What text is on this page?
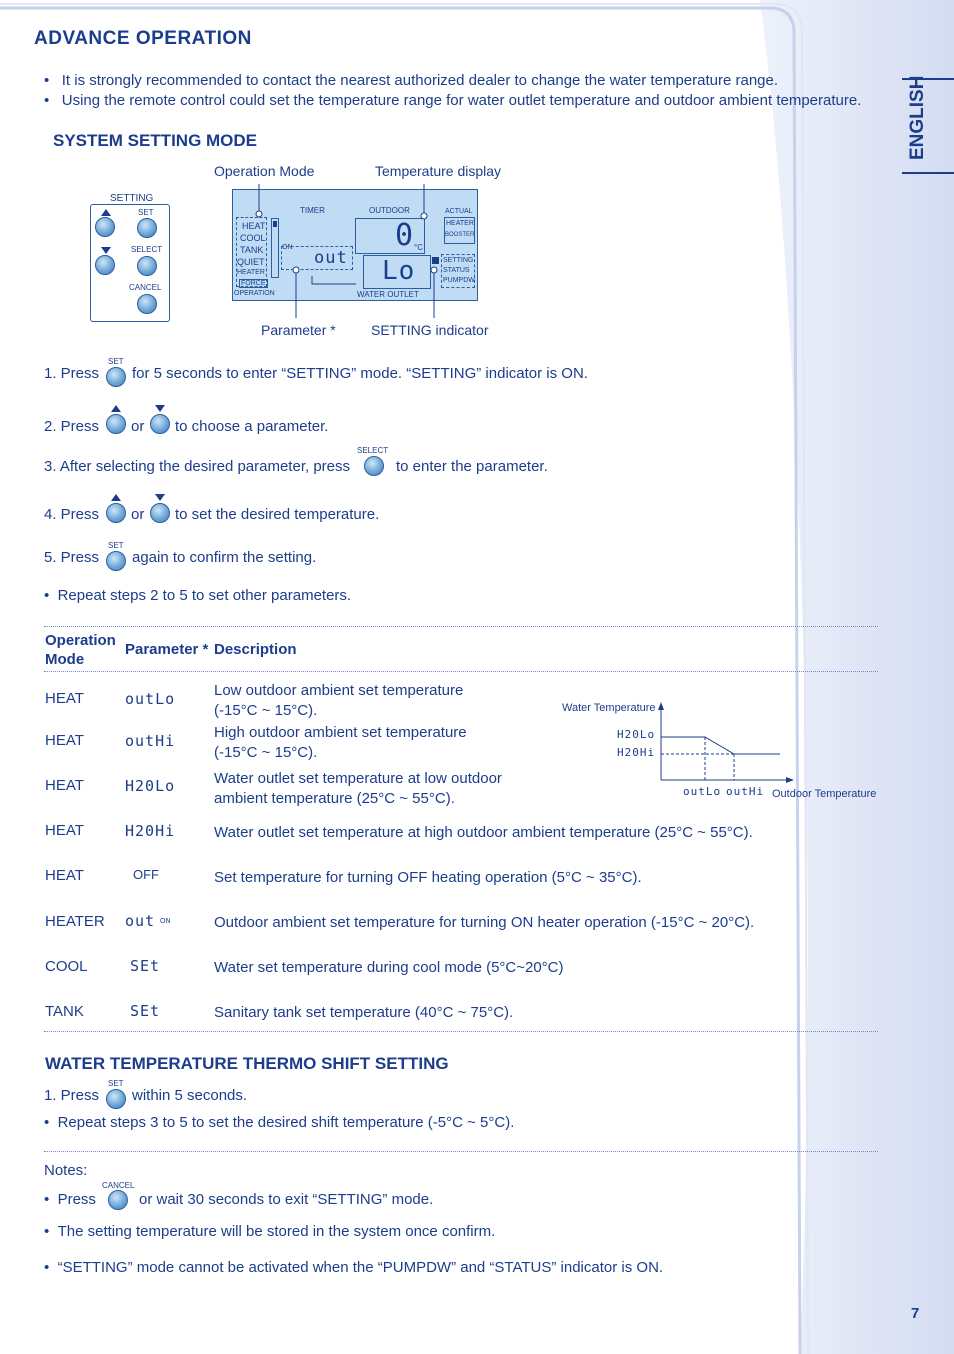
ADVANCE OPERATION
ENGLISH
•   It is strongly recommended to contact the nearest authorized dealer to change the water temperature range.
•   Using the remote control could set the temperature range for water outlet temperature and outdoor ambient temperature.
SYSTEM SETTING MODE
Operation Mode	Temperature display
Parameter *	SETTING indicator
SETTING
SET
SELECT
CANCEL
TIMER	OUTDOOR	ACTUAL
HEATER
BOOSTER
HEAT
COOL
TANK
QUIET
HEATER
FORCE
OPERATION
ON	0 °C
out Lo	SETTING
STATUS
PUMPDW
WATER OUTLET
1. Press
SET
for 5 seconds to enter “SETTING” mode. “SETTING” indicator is ON.
2. Press or to choose a parameter.
3. After selecting the desired parameter, press
SELECT
to enter the parameter.
4. Press or to set the desired temperature.
5. Press
SET
again to confirm the setting.
•  Repeat steps 2 to 5 to set other parameters.
Operation
Mode
Parameter * Description
HEAT	outLo	Low outdoor ambient set temperature
(-15°C ~ 15°C).
HEAT	outHi	High outdoor ambient set temperature
(-15°C ~ 15°C).
HEAT	H20Lo	Water outlet set temperature at low outdoor
ambient temperature (25°C ~ 55°C).
HEAT	H20Hi	Water outlet set temperature at high outdoor ambient temperature (25°C ~ 55°C).
HEAT	OFF	Set temperature for turning OFF heating operation (5°C ~ 35°C).
HEATER out ON	Outdoor ambient set temperature for turning ON heater operation (-15°C ~ 20°C).
COOL	SEt	Water set temperature during cool mode (5°C~20°C)
TANK	SEt	Sanitary tank set temperature (40°C ~ 75°C).
Water Temperature
H20Lo
H20Hi
outLo outHi Outdoor Temperature
WATER TEMPERATURE THERMO SHIFT SETTING
1. Press
SET
within 5 seconds.
•  Repeat steps 3 to 5 to set the desired shift temperature (-5°C ~ 5°C).
Notes:
•  Press
CANCEL
or wait 30 seconds to exit “SETTING” mode.
•  The setting temperature will be stored in the system once confirm.
•  “SETTING” mode cannot be activated when the “PUMPDW” and “STATUS” indicator is ON.
7
